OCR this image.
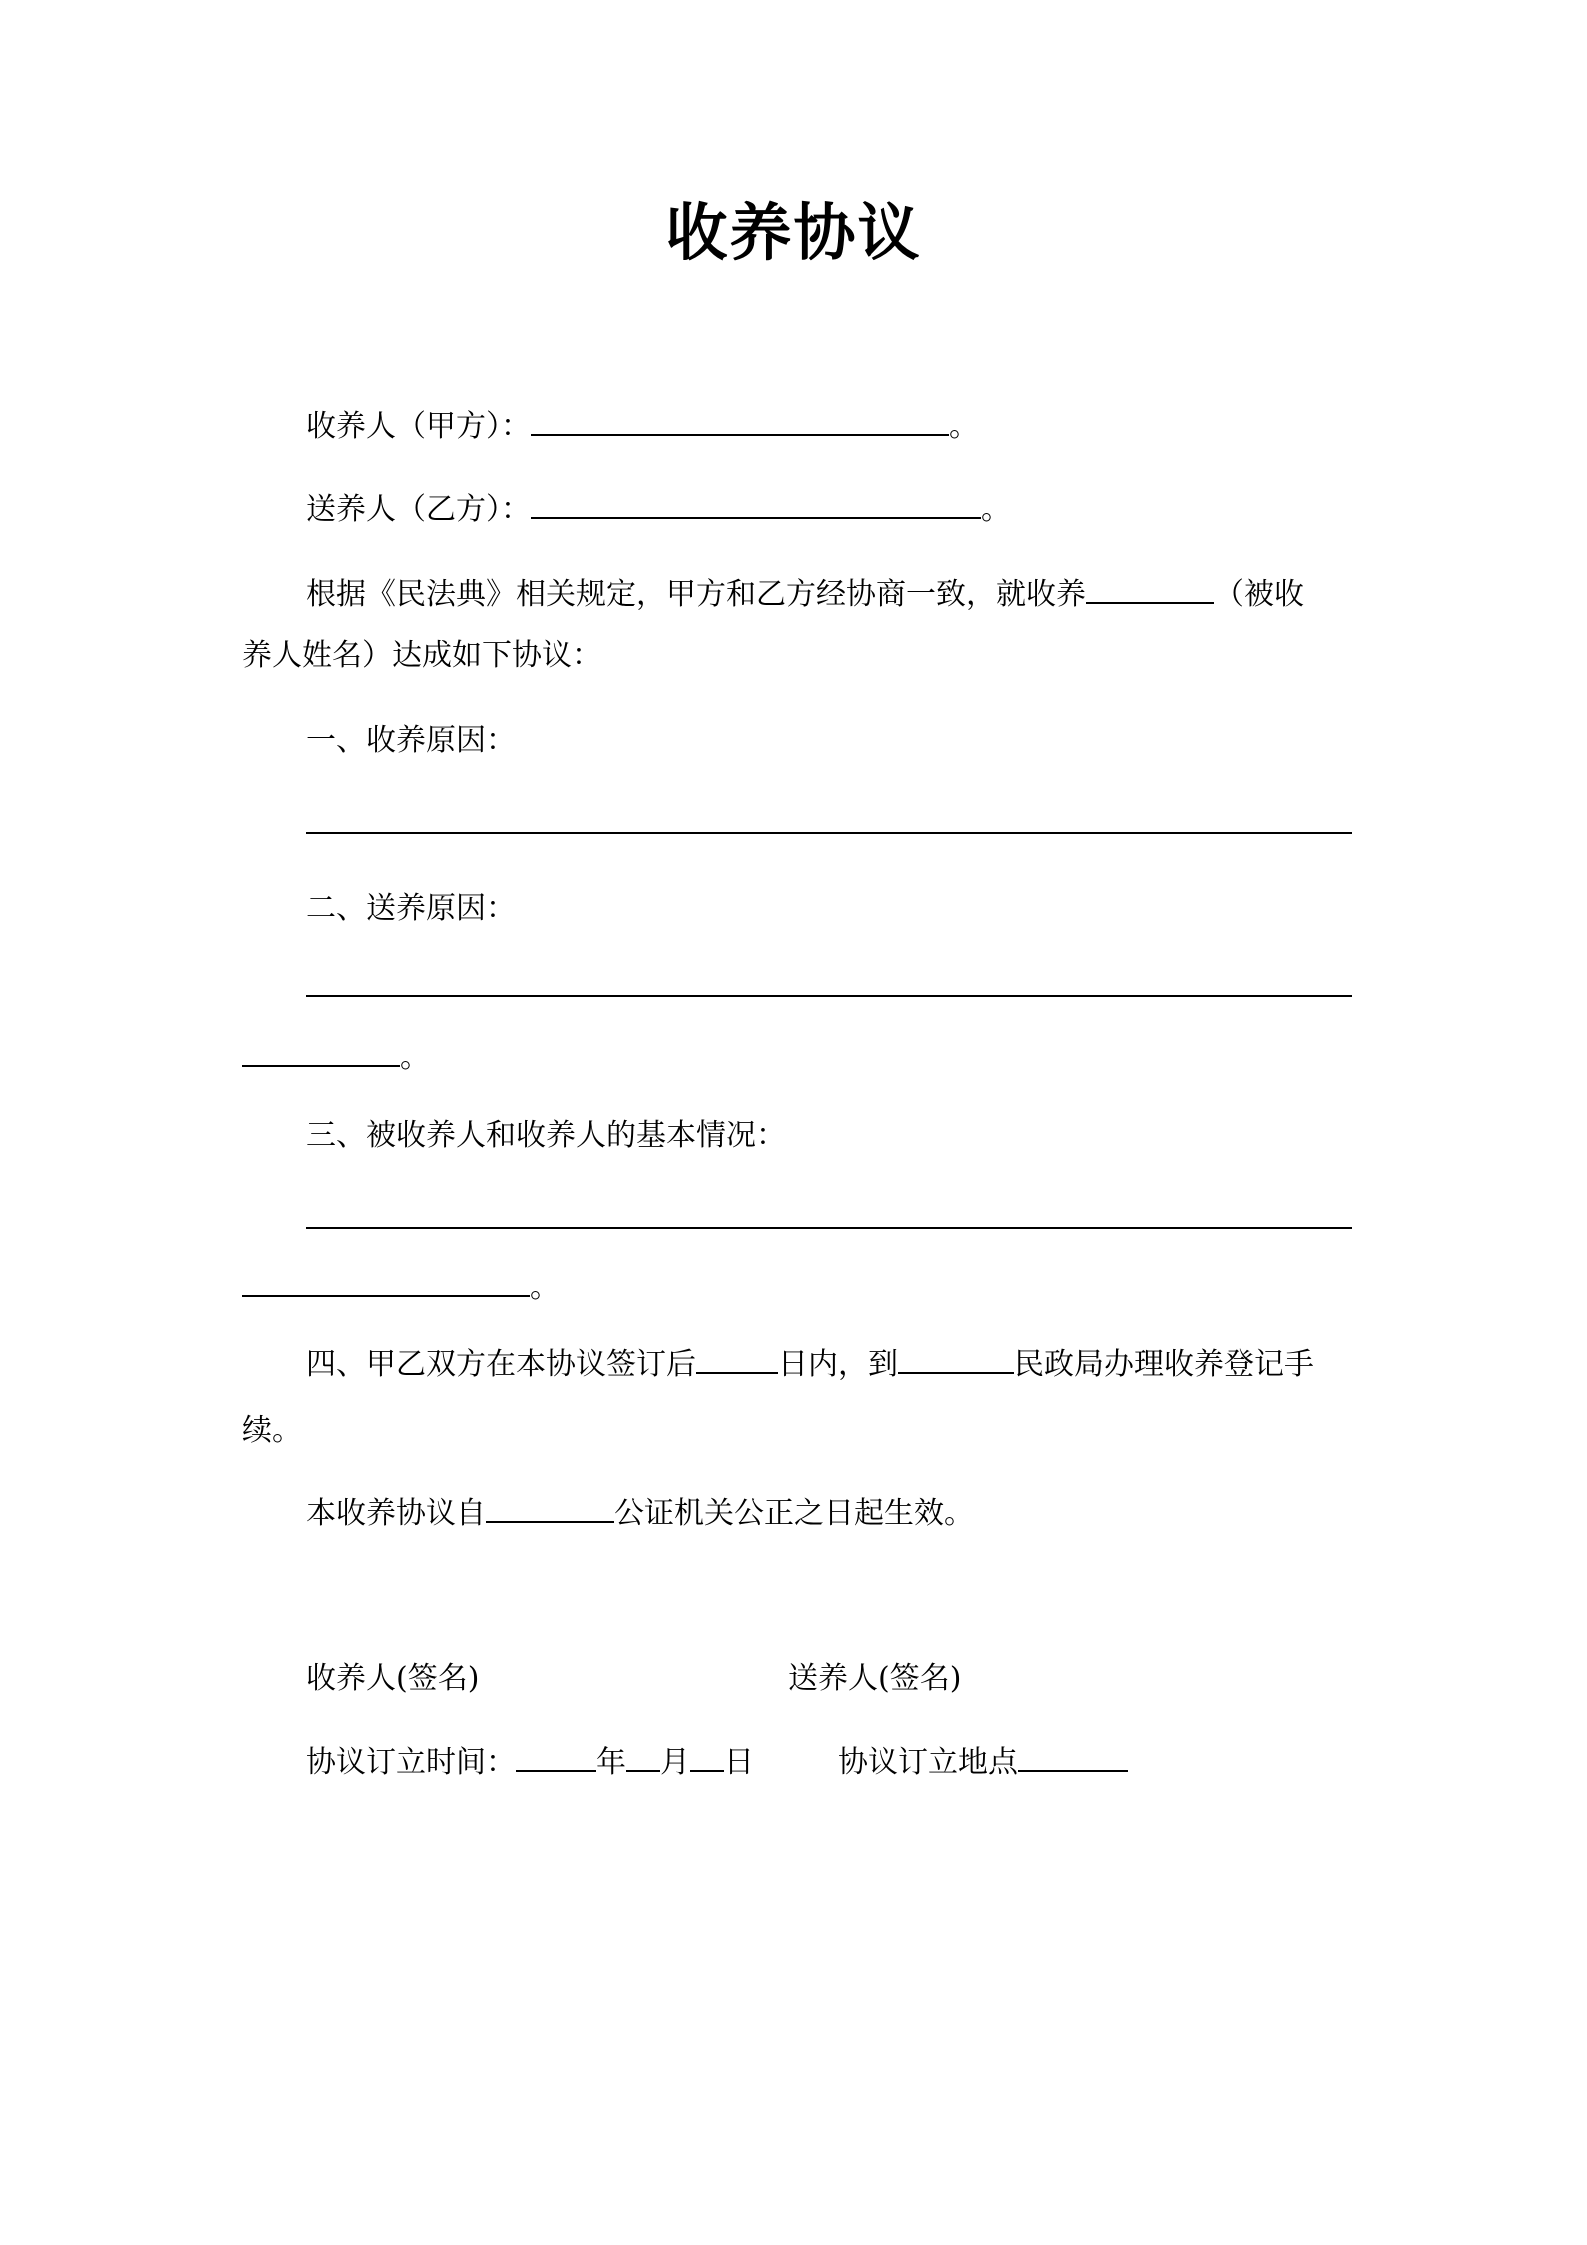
收养协议
收养人（甲方）：	。
送养人（乙方）：	。
根据《民法典》相关规定，甲方和乙方经协商一致，就收养	（被收
养人姓名）达成如下协议：
一、收养原因：
二、送养原因：
。
三、被收养人和收养人的基本情况：
。
四、甲乙双方在本协议签订后	日内，到	民政局办理收养登记手
续。
本收养协议自	公证机关公正之日起生效。
收养人(签名)	送养人(签名)
协议订立时间：	年 月 日	协议订立地点
